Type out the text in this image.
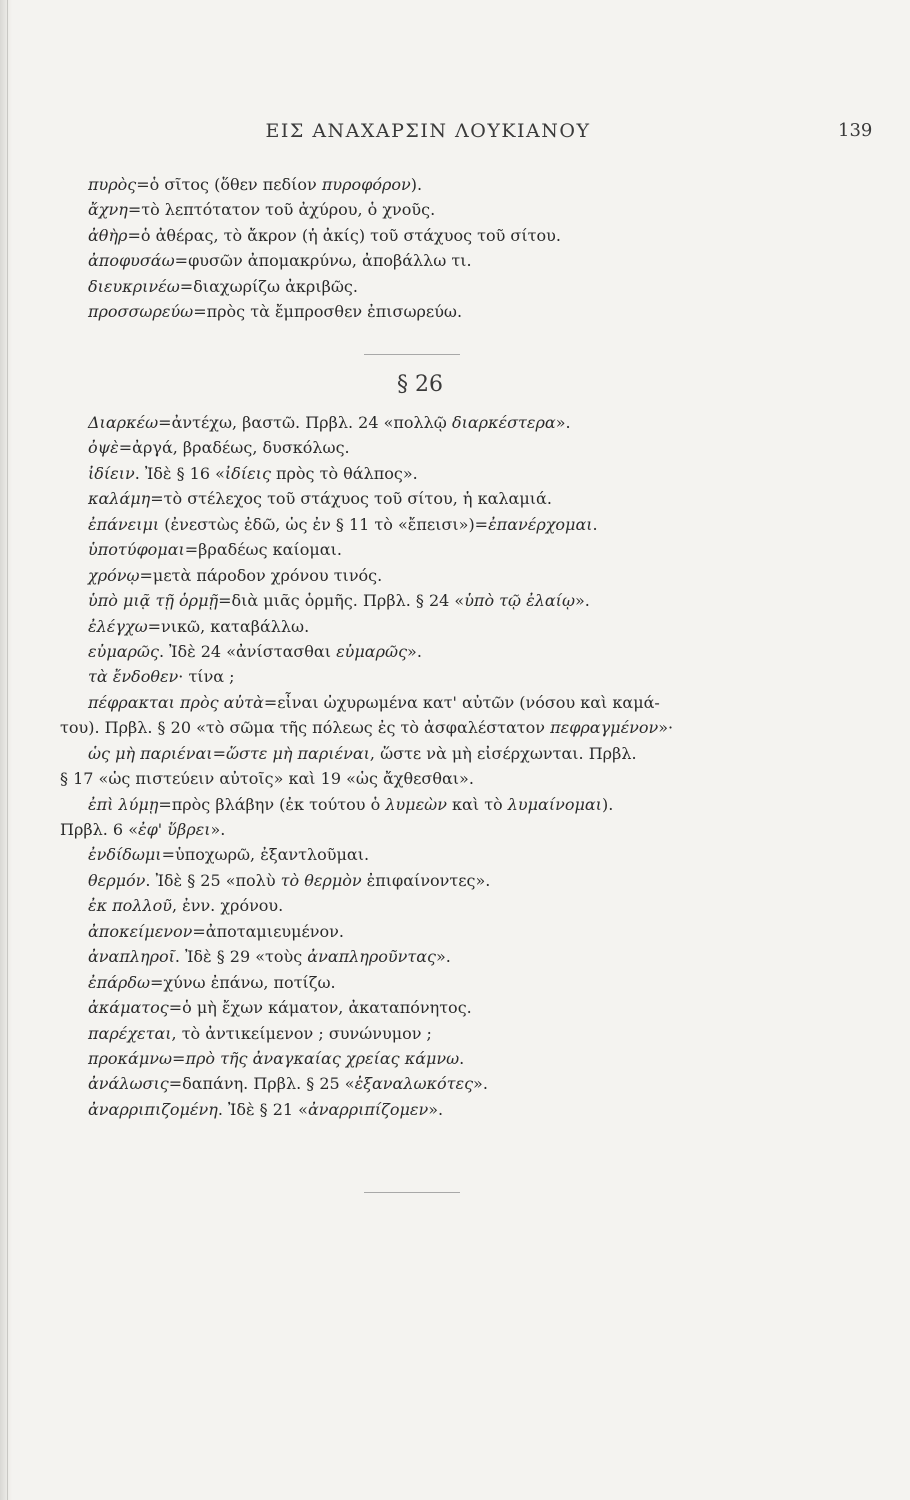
ΕΙΣ ΑΝΑΧΑΡΣΙΝ ΛΟΥΚΙΑΝΟΥ	139
πυρὸς=ὁ σῖτος (ὅθεν πεδίον πυροφόρον).
ἄχνη=τὸ λεπτότατον τοῦ ἀχύρου, ὁ χνοῦς.
ἀθὴρ=ὁ ἀθέρας, τὸ ἄκρον (ἡ ἀκίς) τοῦ στάχυος τοῦ σίτου.
ἀποφυσάω=φυσῶν ἀπομακρύνω, ἀποβάλλω τι.
διευκρινέω=διαχωρίζω ἀκριβῶς.
προσσωρεύω=πρὸς τὰ ἔμπροσθεν ἐπισωρεύω.
§ 26
Διαρκέω=ἀντέχω, βαστῶ. Πρβλ. 24 «πολλῷ διαρκέστερα».
ὀψὲ=ἀργά, βραδέως, δυσκόλως.
ἰδίειν. Ἰδὲ § 16 «ἰδίεις πρὸς τὸ θάλπος».
καλάμη=τὸ στέλεχος τοῦ στάχυος τοῦ σίτου, ἡ καλαμιά.
ἐπάνειμι (ἐνεστὼς ἐδῶ, ὡς ἐν § 11 τὸ «ἔπεισι»)=ἐπανέρχομαι.
ὑποτύφομαι=βραδέως καίομαι.
χρόνῳ=μετὰ πάροδον χρόνου τινός.
ὑπὸ μιᾷ τῇ ὁρμῇ=διὰ μιᾶς ὁρμῆς. Πρβλ. § 24 «ὑπὸ τῷ ἐλαίῳ».
ἐλέγχω=νικῶ, καταβάλλω.
εὐμαρῶς. Ἰδὲ 24 «ἀνίστασθαι εὐμαρῶς».
τὰ ἔνδοθεν· τίνα ;
πέφρακται πρὸς αὐτὰ=εἶναι ὠχυρωμένα κατ' αὐτῶν (νόσου καὶ καμά-
του). Πρβλ. § 20 «τὸ σῶμα τῆς πόλεως ἐς τὸ ἀσφαλέστατον πεφραγμένον»·
ὡς μὴ παριέναι=ὥστε μὴ παριέναι, ὥστε νὰ μὴ εἰσέρχωνται. Πρβλ.
§ 17 «ὡς πιστεύειν αὐτοῖς» καὶ 19 «ὡς ἄχθεσθαι».
ἐπὶ λύμῃ=πρὸς βλάβην (ἐκ τούτου ὁ λυμεὼν καὶ τὸ λυμαίνομαι).
Πρβλ. 6 «ἐφ' ὕβρει».
ἐνδίδωμι=ὑποχωρῶ, ἐξαντλοῦμαι.
θερμόν. Ἰδὲ § 25 «πολὺ τὸ θερμὸν ἐπιφαίνοντες».
ἐκ πολλοῦ, ἐνν. χρόνου.
ἀποκείμενον=ἀποταμιευμένον.
ἀναπληροῖ. Ἰδὲ § 29 «τοὺς ἀναπληροῦντας».
ἐπάρδω=χύνω ἐπάνω, ποτίζω.
ἀκάματος=ὁ μὴ ἔχων κάματον, ἀκαταπόνητος.
παρέχεται, τὸ ἀντικείμενον ; συνώνυμον ;
προκάμνω=πρὸ τῆς ἀναγκαίας χρείας κάμνω.
ἀνάλωσις=δαπάνη. Πρβλ. § 25 «ἐξαναλωκότες».
ἀναρριπιζομένη. Ἰδὲ § 21 «ἀναρριπίζομεν».
